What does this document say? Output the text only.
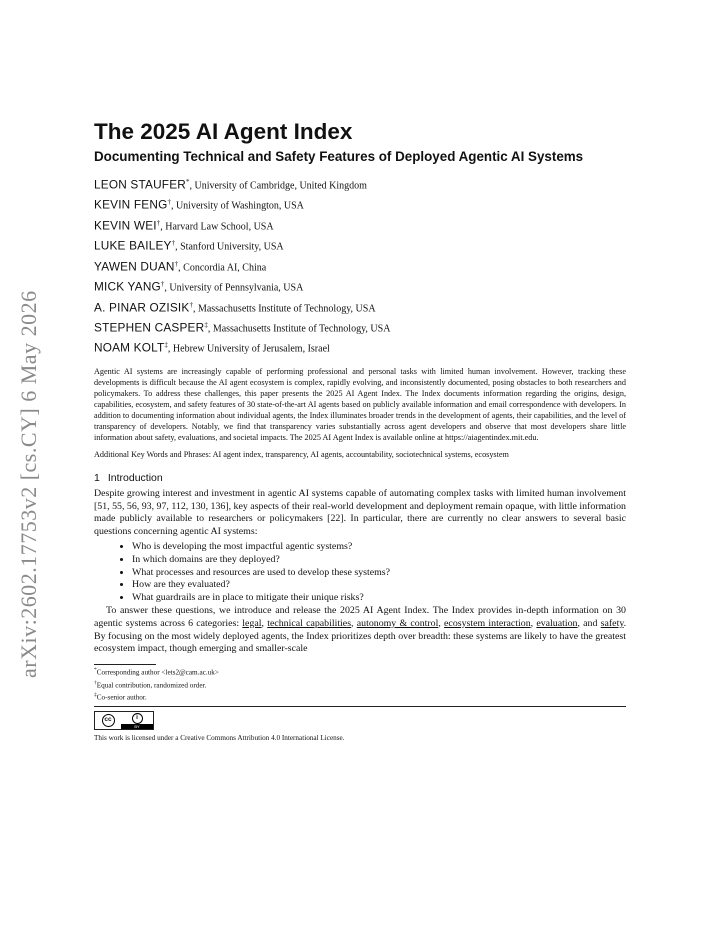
arXiv:2602.17753v2 [cs.CY] 6 May 2026
The 2025 AI Agent Index
Documenting Technical and Safety Features of Deployed Agentic AI Systems
LEON STAUFER*, University of Cambridge, United Kingdom
KEVIN FENG†, University of Washington, USA
KEVIN WEI†, Harvard Law School, USA
LUKE BAILEY†, Stanford University, USA
YAWEN DUAN†, Concordia AI, China
MICK YANG†, University of Pennsylvania, USA
A. PINAR OZISIK†, Massachusetts Institute of Technology, USA
STEPHEN CASPER‡, Massachusetts Institute of Technology, USA
NOAM KOLT‡, Hebrew University of Jerusalem, Israel
Agentic AI systems are increasingly capable of performing professional and personal tasks with limited human involvement. However, tracking these developments is difficult because the AI agent ecosystem is complex, rapidly evolving, and inconsistently documented, posing obstacles to both researchers and policymakers. To address these challenges, this paper presents the 2025 AI Agent Index. The Index documents information regarding the origins, design, capabilities, ecosystem, and safety features of 30 state-of-the-art AI agents based on publicly available information and email correspondence with developers. In addition to documenting information about individual agents, the Index illuminates broader trends in the development of agents, their capabilities, and the level of transparency of developers. Notably, we find that transparency varies substantially across agent developers and observe that most developers share little information about safety, evaluations, and societal impacts. The 2025 AI Agent Index is available online at https://aiagentindex.mit.edu.
Additional Key Words and Phrases: AI agent index, transparency, AI agents, accountability, sociotechnical systems, ecosystem
1 Introduction
Despite growing interest and investment in agentic AI systems capable of automating complex tasks with limited human involvement [51, 55, 56, 93, 97, 112, 130, 136], key aspects of their real-world development and deployment remain opaque, with little information made publicly available to researchers or policymakers [22]. In particular, there are currently no clear answers to several basic questions concerning agentic AI systems:
• Who is developing the most impactful agentic systems?
• In which domains are they deployed?
• What processes and resources are used to develop these systems?
• How are they evaluated?
• What guardrails are in place to mitigate their unique risks?
To answer these questions, we introduce and release the 2025 AI Agent Index. The Index provides in-depth information on 30 agentic systems across 6 categories: legal, technical capabilities, autonomy & control, ecosystem interaction, evaluation, and safety. By focusing on the most widely deployed agents, the Index prioritizes depth over breadth: these systems are likely to have the greatest ecosystem impact, though emerging and smaller-scale
*Corresponding author <lets2@cam.ac.uk>
†Equal contribution, randomized order.
‡Co-senior author.
cc	i
BY
This work is licensed under a Creative Commons Attribution 4.0 International License.
